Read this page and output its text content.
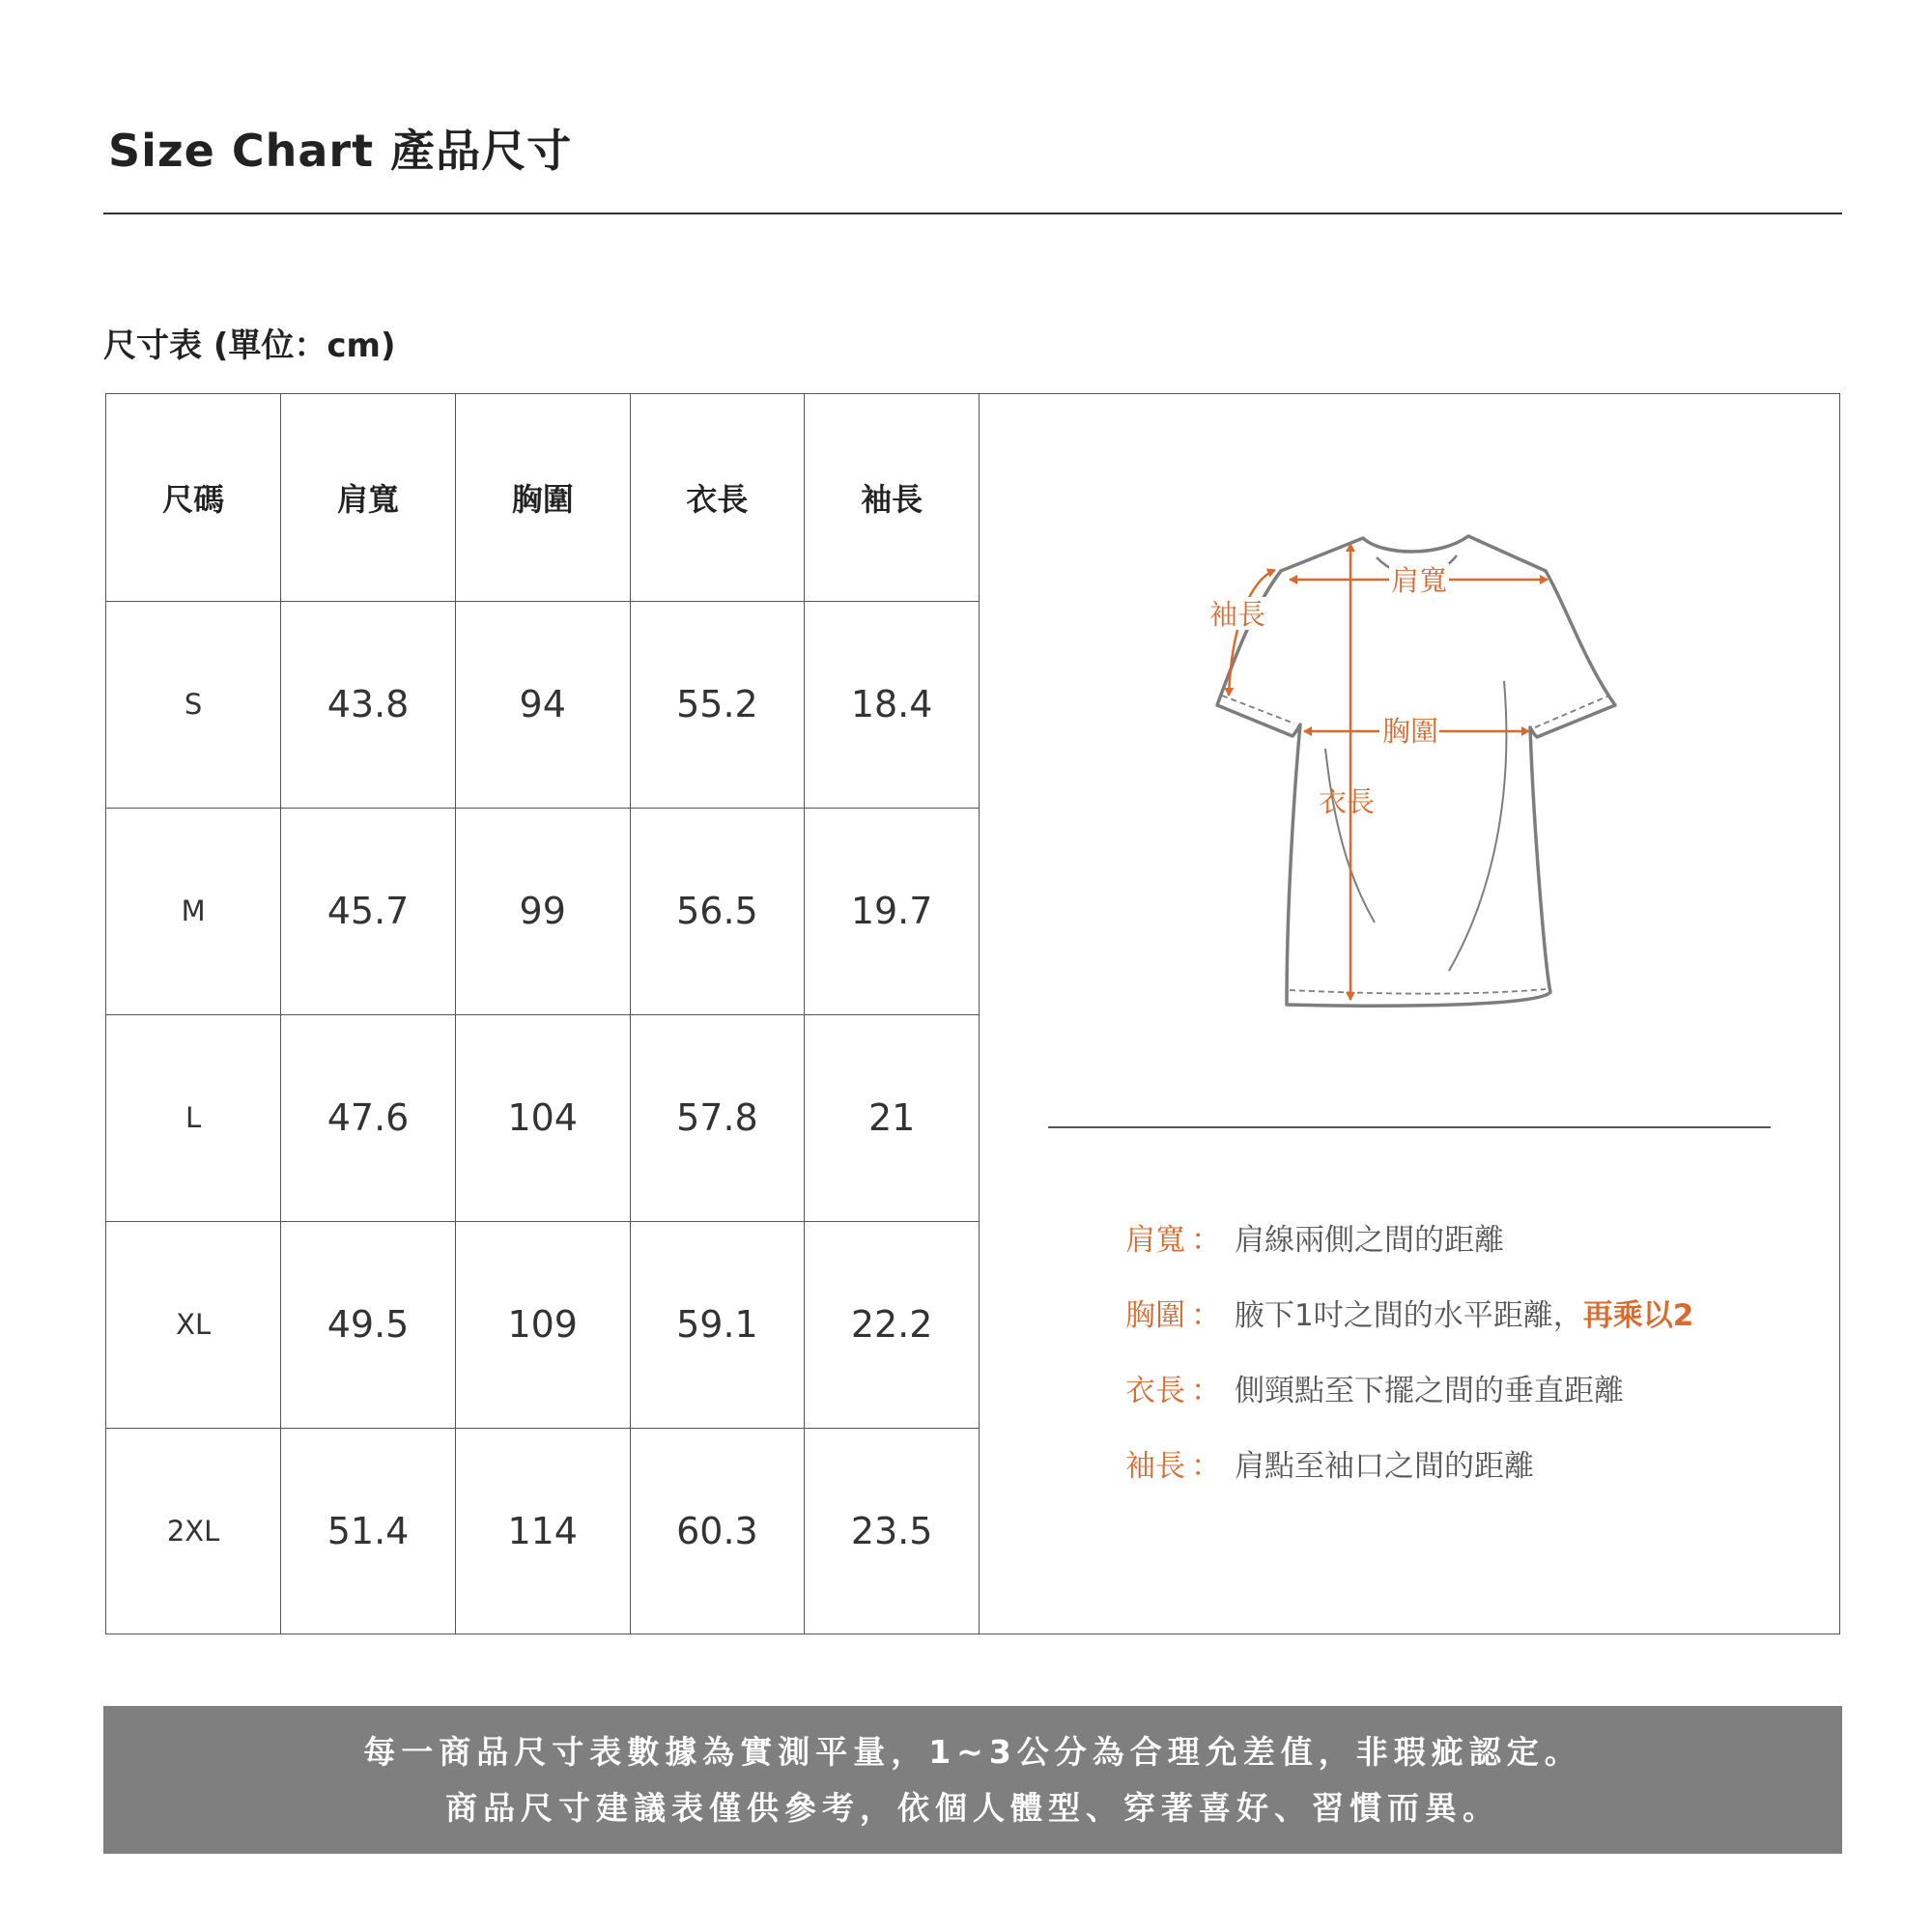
Size Chart 產品尺寸
尺寸表 (單位：cm)
尺碼	肩寬	胸圍	衣長	袖長
S	43.8	94	55.2	18.4
M	45.7	99	56.5	19.7
L	47.6	104	57.8	21
XL	49.5	109	59.1	22.2
2XL	51.4	114	60.3	23.5
肩寬
胸圍
衣長
袖長
肩寬 ： 肩線兩側之間的距離
胸圍 ： 腋下1吋之間的水平距離，再乘以2
衣長 ： 側頸點至下擺之間的垂直距離
袖長 ： 肩點至袖口之間的距離

每一商品尺寸表數據為實測平量，1~3公分為合理允差值，非瑕疵認定。

商品尺寸建議表僅供參考，依個人體型、穿著喜好、習慣而異。
